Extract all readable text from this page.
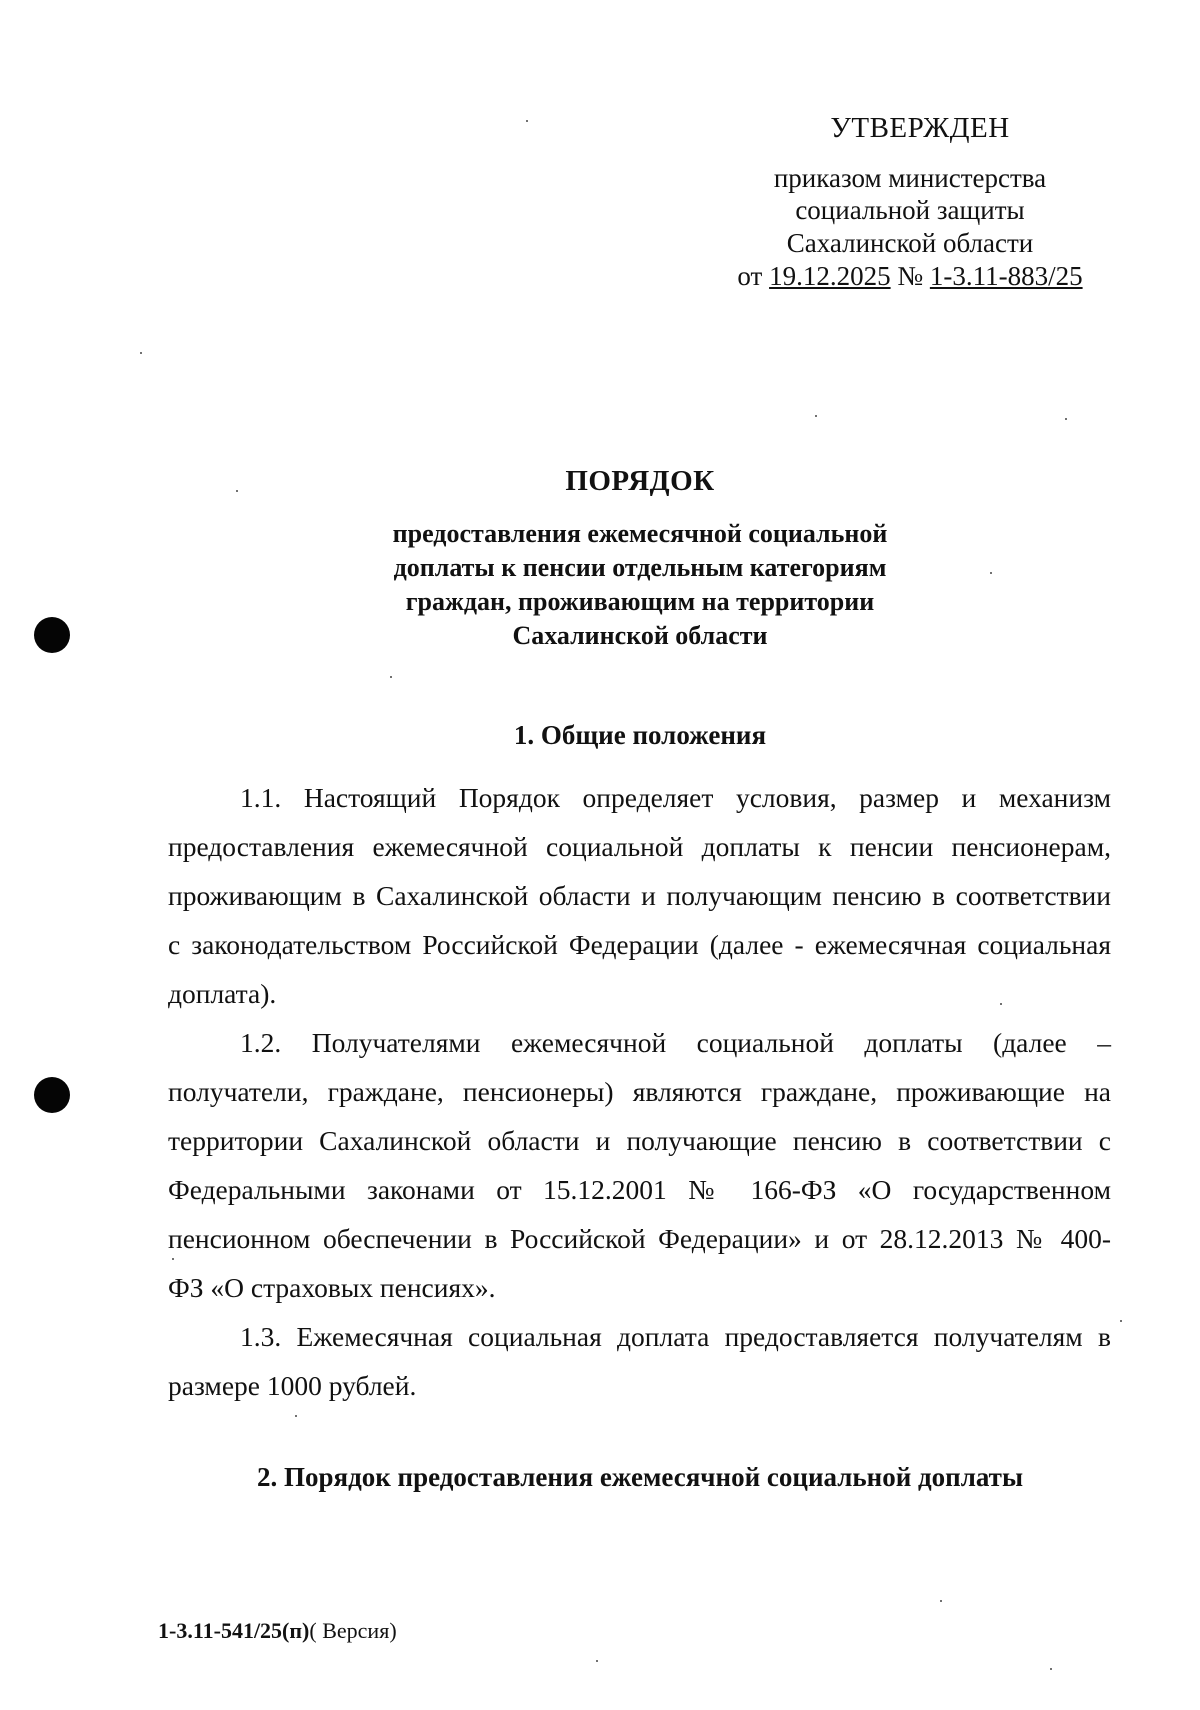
УТВЕРЖДЕН
приказом министерства
социальной защиты
Сахалинской области
от 19.12.2025 № 1-3.11-883/25
ПОРЯДОК
предоставления ежемесячной социальной
доплаты к пенсии отдельным категориям
граждан, проживающим на территории
Сахалинской области
1. Общие положения
1.1. Настоящий Порядок определяет условия, размер и механизм
предоставления ежемесячной социальной доплаты к пенсии пенсионерам,
проживающим в Сахалинской области и получающим пенсию в соответствии
с законодательством Российской Федерации (далее - ежемесячная социальная
доплата).
1.2. Получателями ежемесячной социальной доплаты (далее –
получатели, граждане, пенсионеры) являются граждане, проживающие на
территории Сахалинской области и получающие пенсию в соответствии с
Федеральными законами от 15.12.2001 № 166-ФЗ «О государственном
пенсионном обеспечении в Российской Федерации» и от 28.12.2013 № 400-
ФЗ «О страховых пенсиях».
1.3. Ежемесячная социальная доплата предоставляется получателям в
размере 1000 рублей.
2. Порядок предоставления ежемесячной социальной доплаты
1-3.11-541/25(п)( Версия)
